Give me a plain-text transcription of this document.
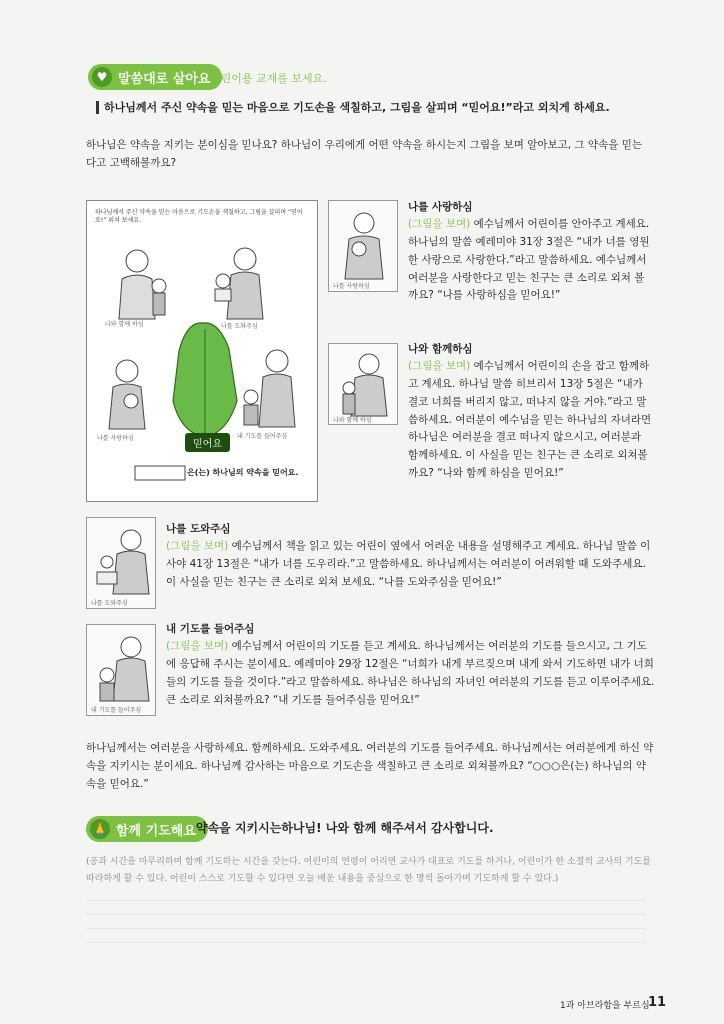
♥ 말씀대로 살아요 어린이용 교재를 보세요.
하나님께서 주신 약속을 믿는 마음으로 기도손을 색칠하고, 그림을 살피며 “믿어요!”라고 외치게 하세요.
하나님은 약속을 지키는 분이심을 믿나요? 하나님이 우리에게 어떤 약속을 하시는지 그림을 보며 알아보고, 그 약속을 믿는다고 고백해볼까요?
하나님께서 주신 약속을 믿는 마음으로 기도손을 색칠하고, 그림을 살피며 “믿어요!” 외쳐 보세요.
나와 함께 하심	나를 도와주심
나를 사랑하심	내 기도를 들어주심
믿어요
은(는) 하나님의 약속을 믿어요.
나를 사랑하심
나를 사랑하심
(그림을 보며) 예수님께서 어린이를 안아주고 계세요. 하나님의 말씀 예레미야 31장 3절은 “내가 너를 영원한 사랑으로 사랑한다.”라고 말씀하세요. 예수님께서 여러분을 사랑한다고 믿는 친구는 큰 소리로 외쳐 볼까요? “나를 사랑하심을 믿어요!”
나와 함께 하심
나와 함께하심
(그림을 보며) 예수님께서 어린이의 손을 잡고 함께하고 계세요. 하나님 말씀 히브리서 13장 5절은 “내가 결코 너희를 버리지 않고, 떠나지 않을 거야.”라고 말씀하세요. 여러분이 예수님을 믿는 하나님의 자녀라면 하나님은 여러분을 결코 떠나지 않으시고, 여러분과 함께하세요. 이 사실을 믿는 친구는 큰 소리로 외쳐볼까요? “나와 함께 하심을 믿어요!”
나를 도와주심
나를 도와주심
(그림을 보며) 예수님께서 책을 읽고 있는 어린이 옆에서 어려운 내용을 설명해주고 계세요. 하나님 말씀 이사야 41장 13절은 “내가 너를 도우리라.”고 말씀하세요. 하나님께서는 여러분이 어려워할 때 도와주세요. 이 사실을 믿는 친구는 큰 소리로 외쳐 보세요. “나를 도와주심을 믿어요!”
내 기도를 들어주심
내 기도를 들어주심
(그림을 보며) 예수님께서 어린이의 기도를 듣고 계세요. 하나님께서는 여러분의 기도를 들으시고, 그 기도에 응답해 주시는 분이세요. 예레미야 29장 12절은 “너희가 내게 부르짖으며 내게 와서 기도하면 내가 너희들의 기도를 들을 것이다.”라고 말씀하세요. 하나님은 하나님의 자녀인 여러분의 기도를 듣고 이루어주세요. 큰 소리로 외쳐볼까요? “내 기도를 들어주심을 믿어요!”
하나님께서는 여러분을 사랑하세요. 함께하세요. 도와주세요. 여러분의 기도를 들어주세요. 하나님께서는 여러분에게 하신 약속을 지키시는 분이세요. 하나님께 감사하는 마음으로 기도손을 색칠하고 큰 소리로 외쳐볼까요? “○○○은(는) 하나님의 약속을 믿어요.”
🙏 함께 기도해요 약속을 지키시는하나님! 나와 함께 해주셔서 감사합니다.
(공과 시간을 마무리하며 함께 기도하는 시간을 갖는다. 어린이의 연령이 어리면 교사가 대표로 기도를 하거나, 어린이가 한 소절씩 교사의 기도를 따라하게 할 수 있다. 어린이 스스로 기도할 수 있다면 오늘 배운 내용을 중심으로 한 명씩 돌아가며 기도하게 할 수 있다.)
1과 아브라함을 부르심
11
